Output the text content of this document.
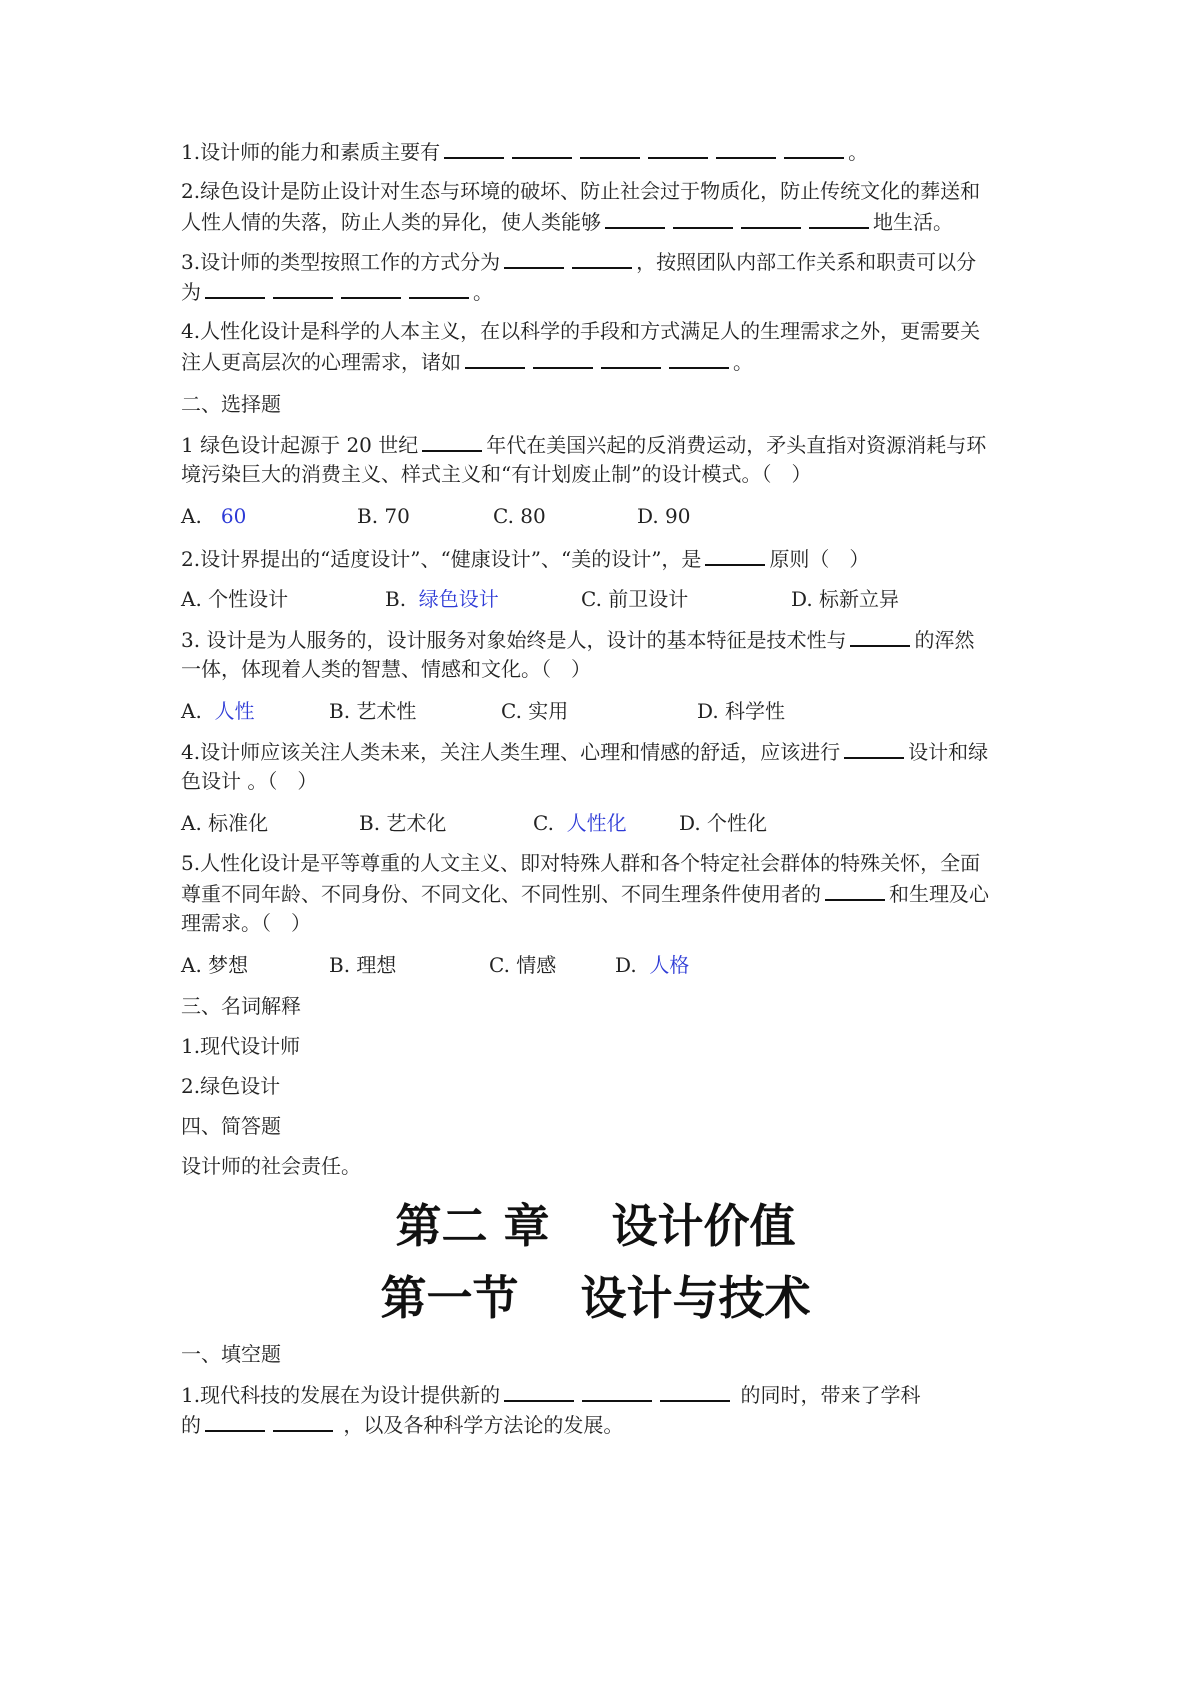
1.设计师的能力和素质主要有	。
2.绿色设计是防止设计对生态与环境的破坏、防止社会过于物质化，防止传统文化的葬送和
人性人情的失落，防止人类的异化，使人类能够	地生活。
3.设计师的类型按照工作的方式分为	，按照团队内部工作关系和职责可以分
为	。
4.人性化设计是科学的人本主义，在以科学的手段和方式满足人的生理需求之外，更需要关
注人更高层次的心理需求，诸如	。
二、选择题
1 绿色设计起源于 20 世纪	年代在美国兴起的反消费运动，矛头直指对资源消耗与环
境污染巨大的消费主义、样式主义和“有计划废止制”的设计模式。（　）
A. 60	B. 70	C. 80	D. 90
2.设计界提出的“适度设计”、“健康设计”、“美的设计”，是	原则（　）
A. 个性设计	B. 绿色设计	C. 前卫设计	D. 标新立异
3. 设计是为人服务的，设计服务对象始终是人，设计的基本特征是技术性与	的浑然
一体，体现着人类的智慧、情感和文化。（　）
A. 人性	B. 艺术性	C. 实用	D. 科学性
4.设计师应该关注人类未来，关注人类生理、心理和情感的舒适，应该进行	设计和绿
色设计 。（　）
A. 标准化	B. 艺术化	C. 人性化	D. 个性化
5.人性化设计是平等尊重的人文主义、即对特殊人群和各个特定社会群体的特殊关怀，全面
尊重不同年龄、不同身份、不同文化、不同性别、不同生理条件使用者的	和生理及心
理需求。（　）
A. 梦想	B. 理想	C. 情感	D. 人格
三、名词解释
1.现代设计师
2.绿色设计
四、简答题
设计师的社会责任。
第二 章　 设计价值
第一节　 设计与技术
一、填空题
1.现代科技的发展在为设计提供新的	的同时，带来了学科
的	，以及各种科学方法论的发展。
